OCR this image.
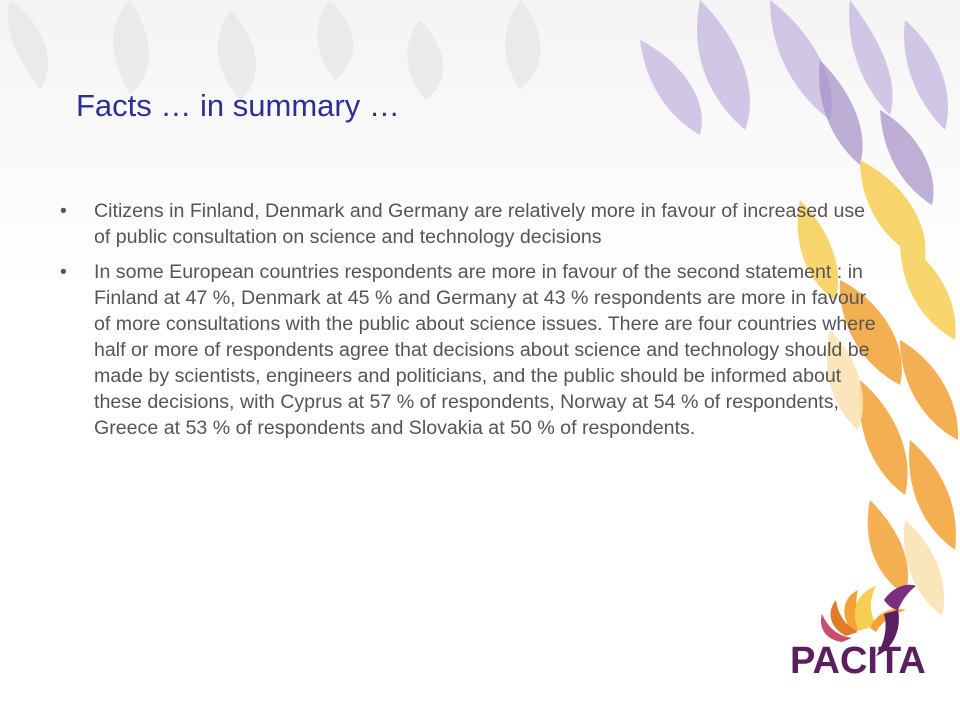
Facts … in summary …
• Citizens in Finland, Denmark and Germany are relatively more in favour of increased use of public consultation on science and technology decisions
• In some European countries respondents are more in favour of the second statement : in Finland at 47 %, Denmark at 45 % and Germany at 43 % respondents are more in favour of more consultations with the public about science issues. There are four countries where half or more of respondents agree that decisions about science and technology should be made by scientists, engineers and politicians, and the public should be informed about these decisions, with Cyprus at 57 % of respondents, Norway at 54 % of respondents, Greece at 53 % of respondents and Slovakia at 50 % of respondents.
PACITA
